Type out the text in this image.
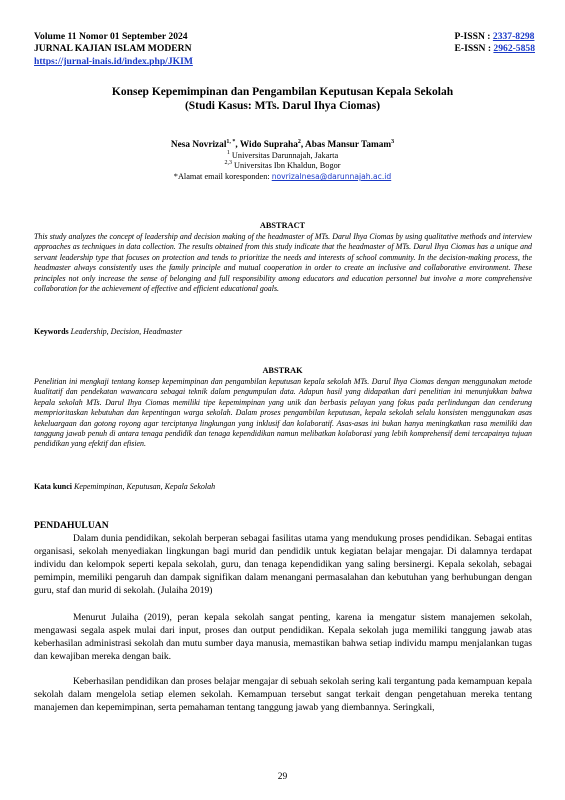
Volume 11 Nomor 01 September 2024
JURNAL KAJIAN ISLAM MODERN
https://jurnal-inais.id/index.php/JKIM
P-ISSN : 2337-8298
E-ISSN : 2962-5858
Konsep Kepemimpinan dan Pengambilan Keputusan Kepala Sekolah
(Studi Kasus: MTs. Darul Ihya Ciomas)
Nesa Novrizal$^{1, *}$, Wido Supraha$^2$, Abas Mansur Tamam$^3$
$^1$ Universitas Darunnajah, Jakarta
$^{2,3}$ Universitas Ibn Khaldun, Bogor
*Alamat email koresponden: novrizalnesa@darunnajah.ac.id
ABSTRACT
This study analyzes the concept of leadership and decision making of the headmaster of MTs. Darul Ihya Ciomas by using qualitative methods and interview approaches as techniques in data collection. The results obtained from this study indicate that the headmaster of MTs. Darul Ihya Ciomas has a unique and servant leadership type that focuses on protection and tends to prioritize the needs and interests of school community. In the decision-making process, the headmaster always consistently uses the family principle and mutual cooperation in order to create an inclusive and collaborative environment. These principles not only increase the sense of belonging and full responsibility among educators and education personnel but involve a more comprehensive collaboration for the achievement of effective and efficient educational goals.
Keywords Leadership, Decision, Headmaster
ABSTRAK
Penelitian ini mengkaji tentang konsep kepemimpinan dan pengambilan keputusan kepala sekolah MTs. Darul Ihya Ciomas dengan menggunakan metode kualitatif dan pendekatan wawancara sebagai teknik dalam pengumpulan data. Adapun hasil yang didapatkan dari penelitian ini menunjukkan bahwa kepala sekolah MTs. Darul Ihya Ciomas memiliki tipe kepemimpinan yang unik dan berbasis pelayan yang fokus pada perlindungan dan cenderung memprioritaskan kebutuhan dan kepentingan warga sekolah. Dalam proses pengambilan keputusan, kepala sekolah selalu konsisten menggunakan asas kekeluargaan dan gotong royong agar terciptanya lingkungan yang inklusif dan kolaboratif. Asas-asas ini bukan hanya meningkatkan rasa memiliki dan tanggung jawab penuh di antara tenaga pendidik dan tenaga kependidikan namun melibatkan kolaborasi yang lebih komprehensif demi tercapainya tujuan pendidikan yang efektif dan efisien.
Kata kunci Kepemimpinan, Keputusan, Kepala Sekolah
PENDAHULUAN

Dalam dunia pendidikan, sekolah berperan sebagai fasilitas utama yang mendukung proses pendidikan. Sebagai entitas organisasi, sekolah menyediakan lingkungan bagi murid dan pendidik untuk kegiatan belajar mengajar. Di dalamnya terdapat individu dan kelompok seperti kepala sekolah, guru, dan tenaga kependidikan yang saling bersinergi. Kepala sekolah, sebagai pemimpin, memiliki pengaruh dan dampak signifikan dalam menangani permasalahan dan kebutuhan yang berhubungan dengan guru, staf dan murid di sekolah. (Julaiha 2019)

Menurut Julaiha (2019), peran kepala sekolah sangat penting, karena ia mengatur sistem manajemen sekolah, mengawasi segala aspek mulai dari input, proses dan output pendidikan. Kepala sekolah juga memiliki tanggung jawab atas keberhasilan administrasi sekolah dan mutu sumber daya manusia, memastikan bahwa setiap individu mampu menjalankan tugas dan kewajiban mereka dengan baik.

Keberhasilan pendidikan dan proses belajar mengajar di sebuah sekolah sering kali tergantung pada kemampuan kepala sekolah dalam mengelola setiap elemen sekolah. Kemampuan tersebut sangat terkait dengan pengetahuan mereka tentang manajemen dan kepemimpinan, serta pemahaman tentang tanggung jawab yang diembannya. Seringkali,

29
